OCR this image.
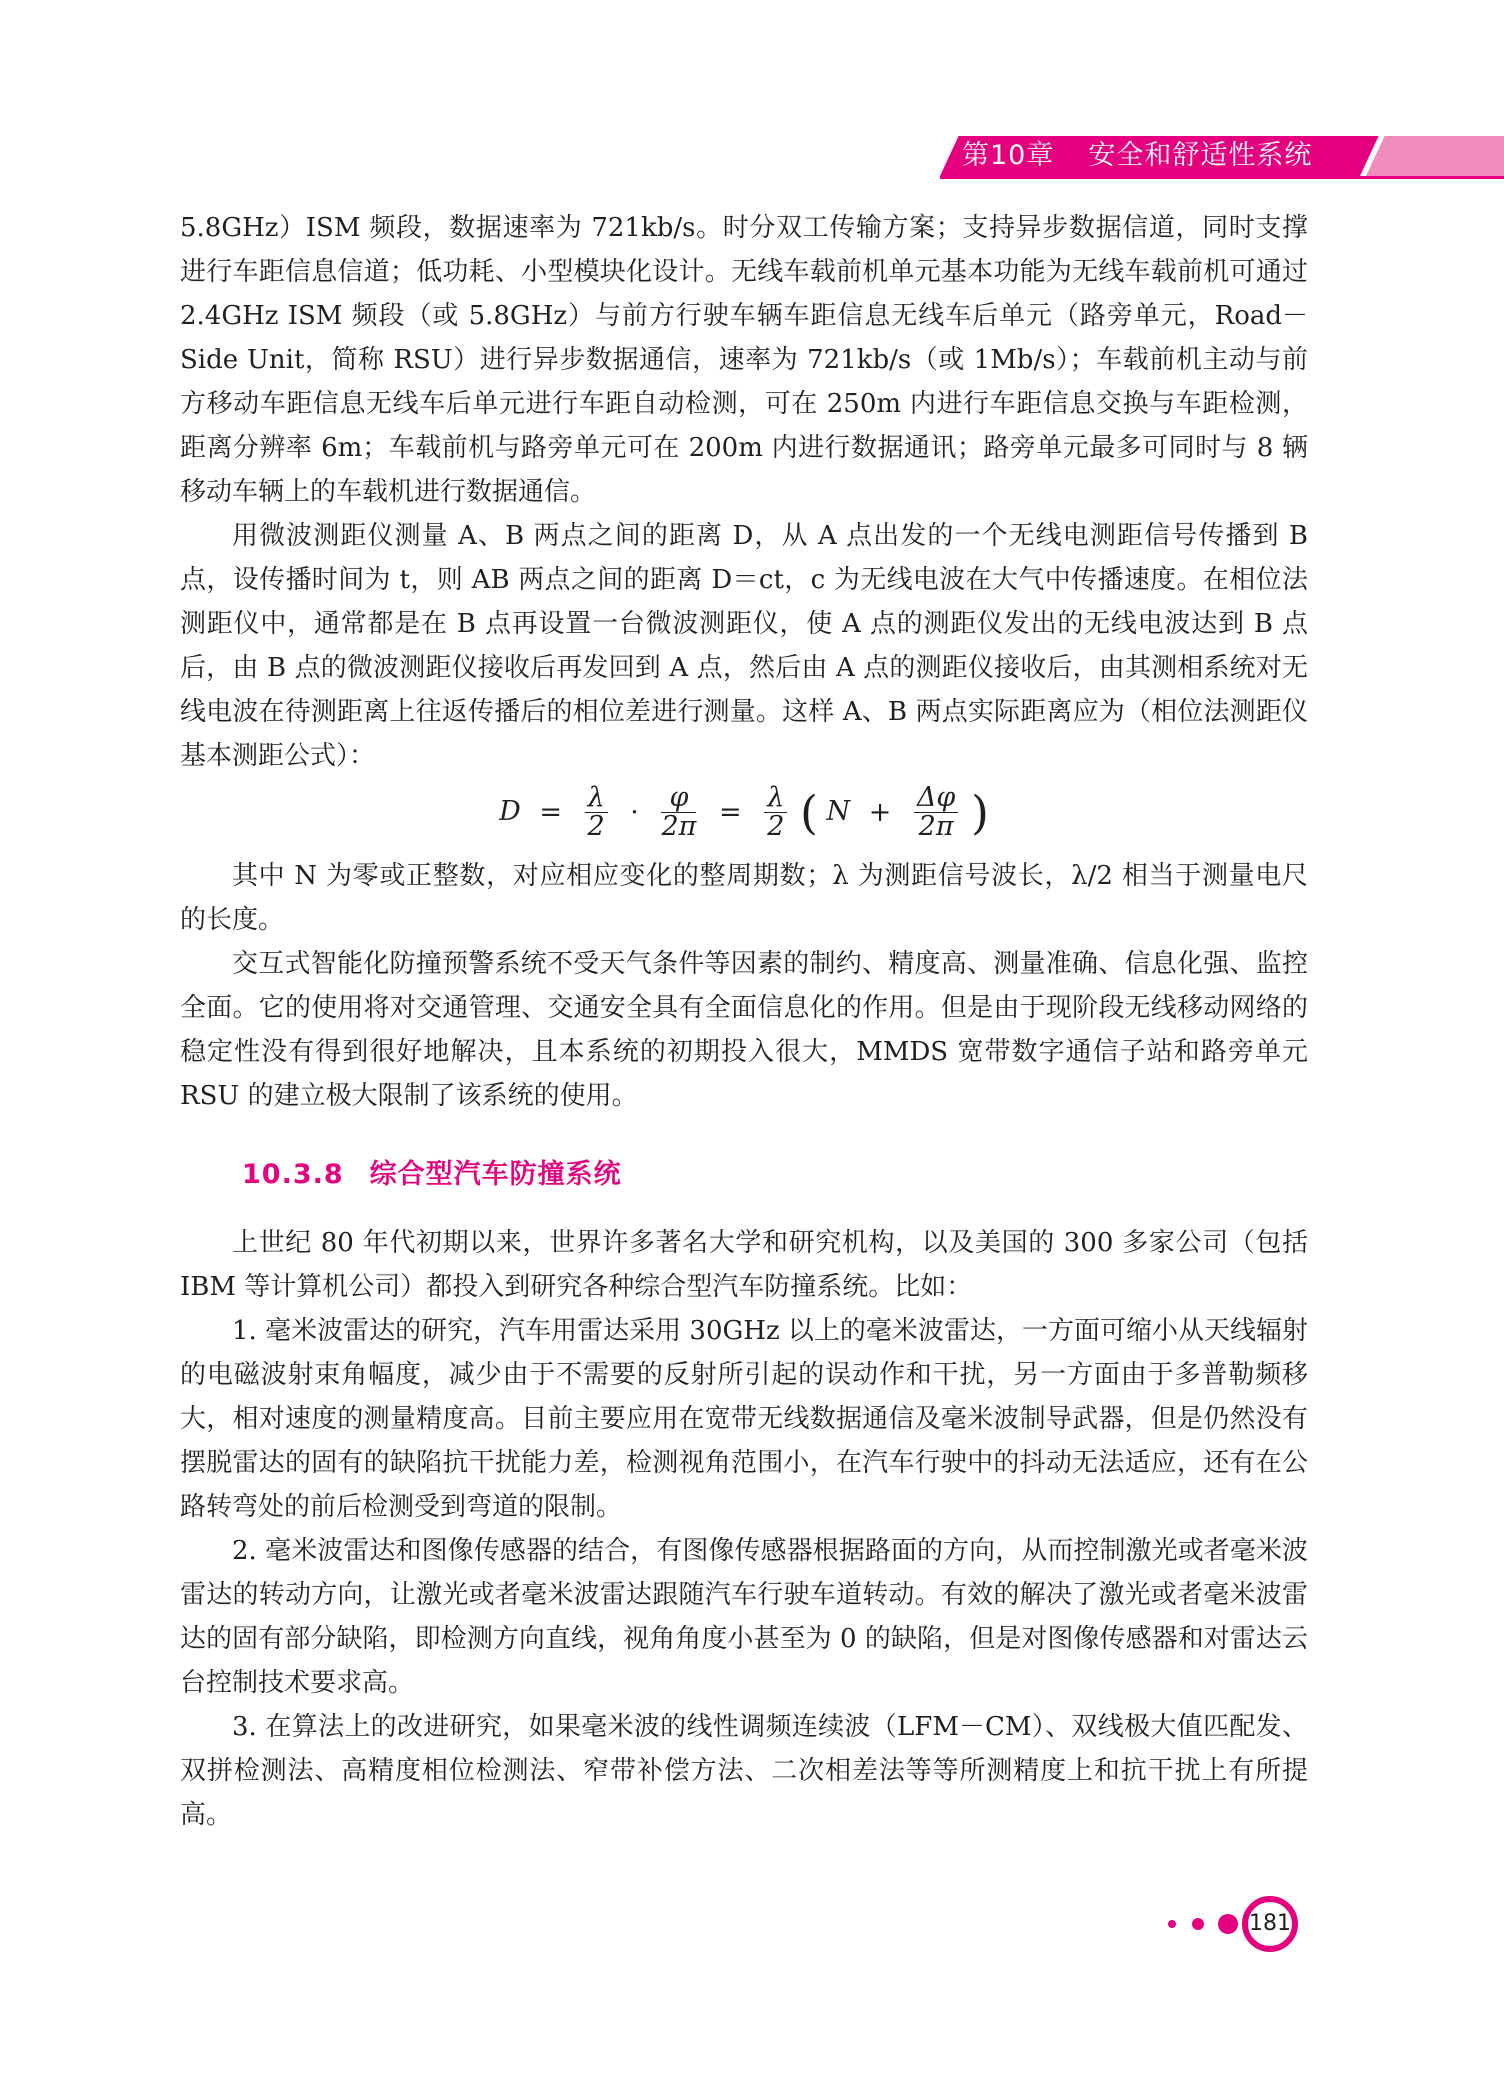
第10章 安全和舒适性系统

5.8GHz）ISM 频段，数据速率为 721kb/s。时分双工传输方案；支持异步数据信道，同时支撑进行车距信息信道；低功耗、小型模块化设计。无线车载前机单元基本功能为无线车载前机可通过 2.4GHz ISM 频段（或 5.8GHz）与前方行驶车辆车距信息无线车后单元（路旁单元，Road－Side Unit，简称 RSU）进行异步数据通信，速率为 721kb/s（或 1Mb/s）；车载前机主动与前方移动车距信息无线车后单元进行车距自动检测，可在 250m 内进行车距信息交换与车距检测，距离分辨率 6m；车载前机与路旁单元可在 200m 内进行数据通讯；路旁单元最多可同时与 8 辆移动车辆上的车载机进行数据通信。

用微波测距仪测量 A、B 两点之间的距离 D，从 A 点出发的一个无线电测距信号传播到 B 点，设传播时间为 t，则 AB 两点之间的距离 D＝ct，c 为无线电波在大气中传播速度。在相位法测距仪中，通常都是在 B 点再设置一台微波测距仪，使 A 点的测距仪发出的无线电波达到 B 点后，由 B 点的微波测距仪接收后再发回到 A 点，然后由 A 点的测距仪接收后，由其测相系统对无线电波在待测距离上往返传播后的相位差进行测量。这样 A、B 两点实际距离应为（相位法测距仪基本测距公式）：

$D = \frac{\lambda}{2} \cdot \frac{\varphi}{2\pi} = \frac{\lambda}{2}$ ( $N + \frac{\Delta\varphi}{2\pi}$ )

其中 N 为零或正整数，对应相应变化的整周期数；λ 为测距信号波长，λ/2 相当于测量电尺的长度。

交互式智能化防撞预警系统不受天气条件等因素的制约、精度高、测量准确、信息化强、监控全面。它的使用将对交通管理、交通安全具有全面信息化的作用。但是由于现阶段无线移动网络的稳定性没有得到很好地解决，且本系统的初期投入很大，MMDS 宽带数字通信子站和路旁单元 RSU 的建立极大限制了该系统的使用。

10.3.8 综合型汽车防撞系统

上世纪 80 年代初期以来，世界许多著名大学和研究机构，以及美国的 300 多家公司（包括 IBM 等计算机公司）都投入到研究各种综合型汽车防撞系统。比如：

1. 毫米波雷达的研究，汽车用雷达采用 30GHz 以上的毫米波雷达，一方面可缩小从天线辐射的电磁波射束角幅度，减少由于不需要的反射所引起的误动作和干扰，另一方面由于多普勒频移大，相对速度的测量精度高。目前主要应用在宽带无线数据通信及毫米波制导武器，但是仍然没有摆脱雷达的固有的缺陷抗干扰能力差，检测视角范围小，在汽车行驶中的抖动无法适应，还有在公路转弯处的前后检测受到弯道的限制。

2. 毫米波雷达和图像传感器的结合，有图像传感器根据路面的方向，从而控制激光或者毫米波雷达的转动方向，让激光或者毫米波雷达跟随汽车行驶车道转动。有效的解决了激光或者毫米波雷达的固有部分缺陷，即检测方向直线，视角角度小甚至为 0 的缺陷，但是对图像传感器和对雷达云台控制技术要求高。

3. 在算法上的改进研究，如果毫米波的线性调频连续波（LFM－CM）、双线极大值匹配发、双拼检测法、高精度相位检测法、窄带补偿方法、二次相差法等等所测精度上和抗干扰上有所提高。

181
